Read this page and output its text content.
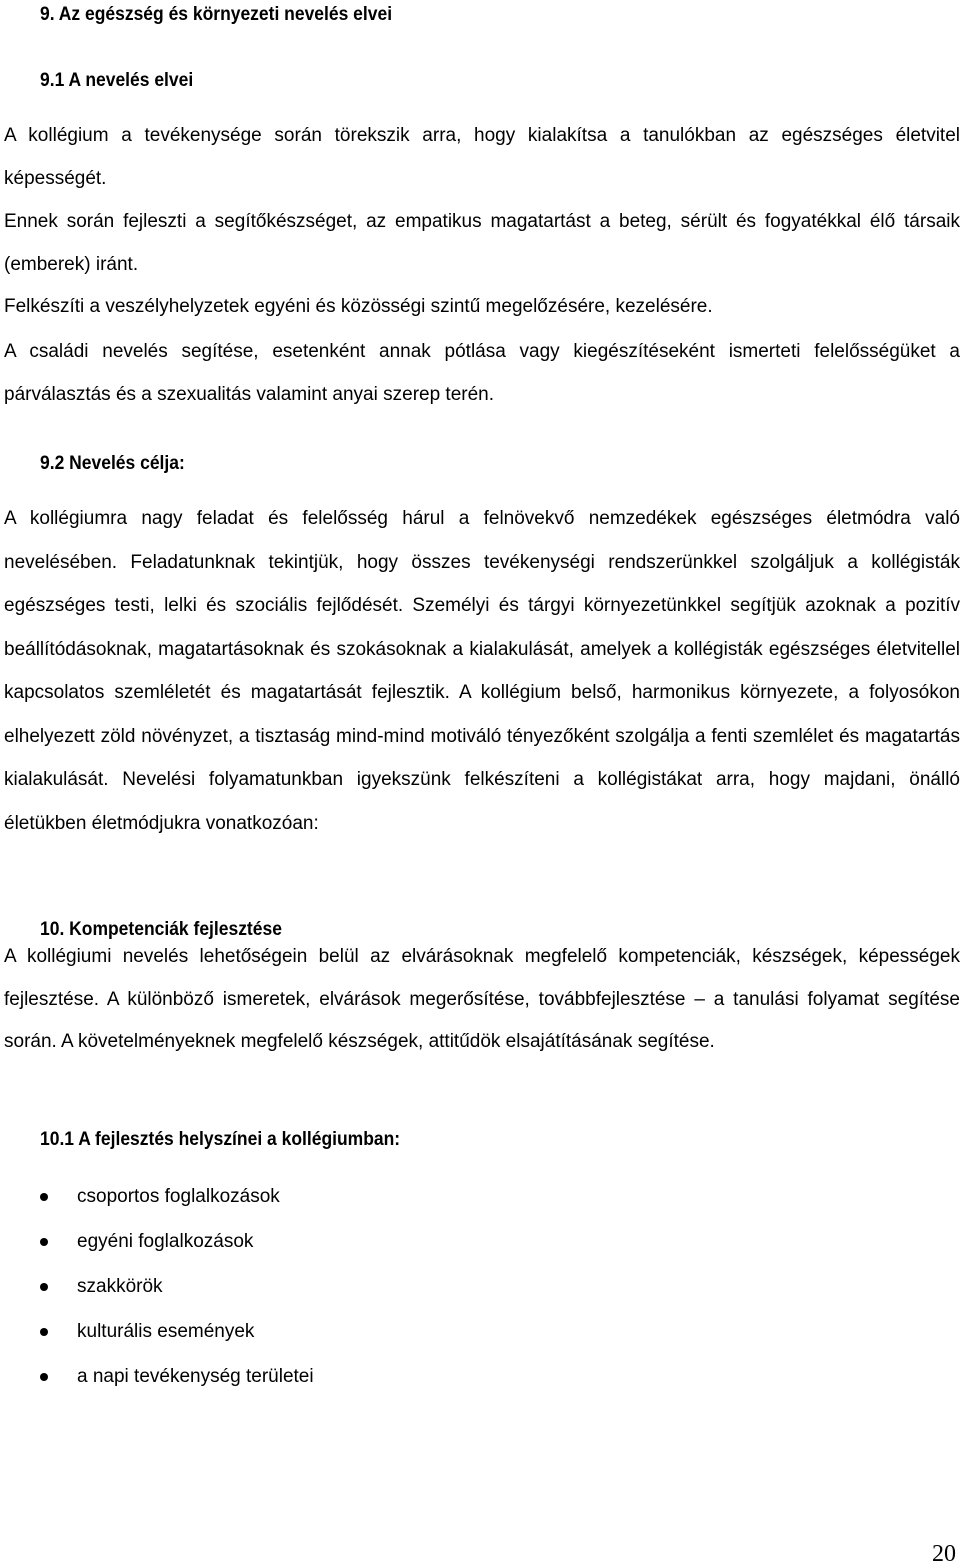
9. Az egészség és környezeti nevelés elvei
9.1 A nevelés elvei
A kollégium a tevékenysége során törekszik arra, hogy kialakítsa a tanulókban az egészséges életvitel képességét.
Ennek során fejleszti a segítőkészséget, az empatikus magatartást a beteg, sérült és fogyatékkal élő társaik (emberek) iránt.
Felkészíti a veszélyhelyzetek egyéni és közösségi szintű megelőzésére, kezelésére.
A családi nevelés segítése, esetenként annak pótlása vagy kiegészítéseként ismerteti felelősségüket a párválasztás és a szexualitás valamint anyai szerep terén.
9.2 Nevelés célja:
A kollégiumra nagy feladat és felelősség hárul a felnövekvő nemzedékek egészséges életmódra való nevelésében. Feladatunknak tekintjük, hogy összes tevékenységi rendszerünkkel szolgáljuk a kollégisták egészséges testi, lelki és szociális fejlődését. Személyi és tárgyi környezetünkkel segítjük azoknak a pozitív beállítódásoknak, magatartásoknak és szokásoknak a kialakulását, amelyek a kollégisták egészséges életvitellel kapcsolatos szemléletét és magatartását fejlesztik. A kollégium belső, harmonikus környezete, a folyosókon elhelyezett zöld növényzet, a tisztaság mind-mind motiváló tényezőként szolgálja a fenti szemlélet és magatartás kialakulását. Nevelési folyamatunkban igyekszünk felkészíteni a kollégistákat arra, hogy majdani, önálló életükben életmódjukra vonatkozóan:
10. Kompetenciák fejlesztése
A kollégiumi nevelés lehetőségein belül az elvárásoknak megfelelő kompetenciák, készségek, képességek fejlesztése. A különböző ismeretek, elvárások megerősítése, továbbfejlesztése – a tanulási folyamat segítése során. A követelményeknek megfelelő készségek, attitűdök elsajátításának segítése.
10.1 A fejlesztés helyszínei a kollégiumban:
csoportos foglalkozások
egyéni foglalkozások
szakkörök
kulturális események
a napi tevékenység területei
20
